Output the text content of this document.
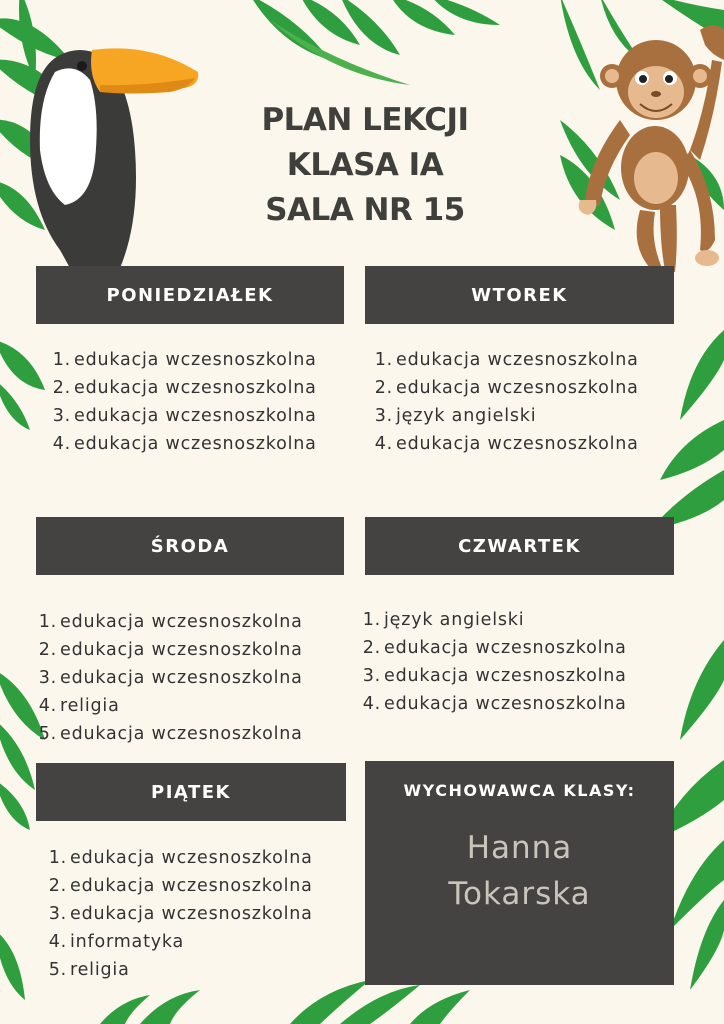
PLAN LEKCJI
KLASA IA
SALA NR 15
PONIEDZIAŁEK
1. edukacja wczesnoszkolna
2. edukacja wczesnoszkolna
3. edukacja wczesnoszkolna
4. edukacja wczesnoszkolna
WTOREK
1. edukacja wczesnoszkolna
2. edukacja wczesnoszkolna
3. język angielski
4. edukacja wczesnoszkolna
ŚRODA
1. edukacja wczesnoszkolna
2. edukacja wczesnoszkolna
3. edukacja wczesnoszkolna
4. religia
5. edukacja wczesnoszkolna
CZWARTEK
1. język angielski
2. edukacja wczesnoszkolna
3. edukacja wczesnoszkolna
4. edukacja wczesnoszkolna
PIĄTEK
1. edukacja wczesnoszkolna
2. edukacja wczesnoszkolna
3. edukacja wczesnoszkolna
4. informatyka
5. religia
WYCHOWAWCA KLASY:
Hanna
Tokarska
